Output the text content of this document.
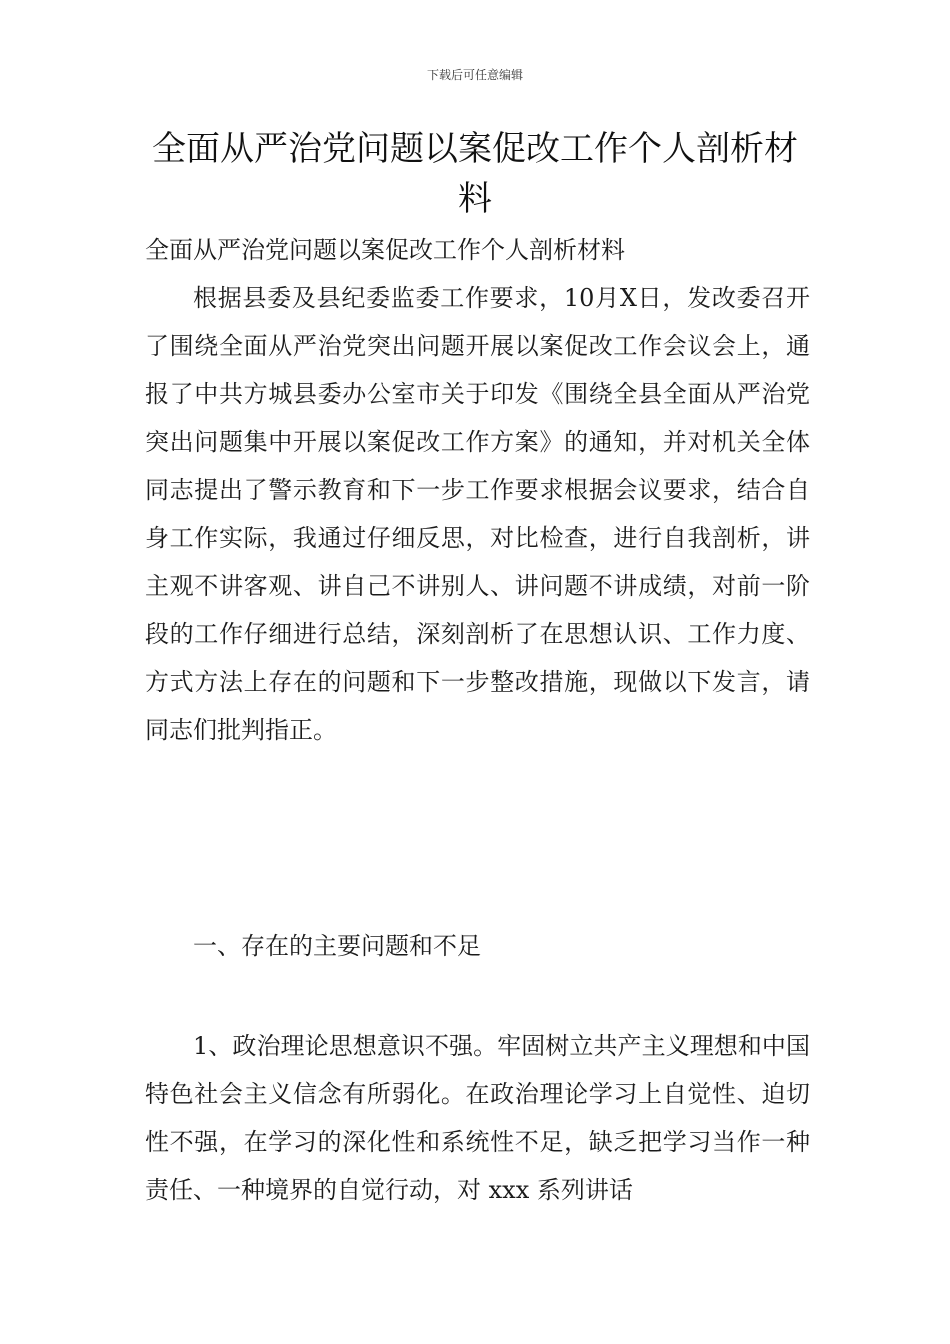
下载后可任意编辑
全面从严治党问题以案促改工作个人剖析材料

全面从严治党问题以案促改工作个人剖析材料

根据县委及县纪委监委工作要求，10月X日，发改委召开了围绕全面从严治党突出问题开展以案促改工作会议会上，通报了中共方城县委办公室市关于印发《围绕全县全面从严治党突出问题集中开展以案促改工作方案》的通知，并对机关全体同志提出了警示教育和下一步工作要求根据会议要求，结合自身工作实际，我通过仔细反思，对比检查，进行自我剖析，讲主观不讲客观、讲自己不讲别人、讲问题不讲成绩，对前一阶段的工作仔细进行总结，深刻剖析了在思想认识、工作力度、方式方法上存在的问题和下一步整改措施，现做以下发言，请同志们批判指正。

一、存在的主要问题和不足

1、政治理论思想意识不强。牢固树立共产主义理想和中国特色社会主义信念有所弱化。在政治理论学习上自觉性、迫切性不强，在学习的深化性和系统性不足，缺乏把学习当作一种责任、一种境界的自觉行动，对 xxx 系列讲话
